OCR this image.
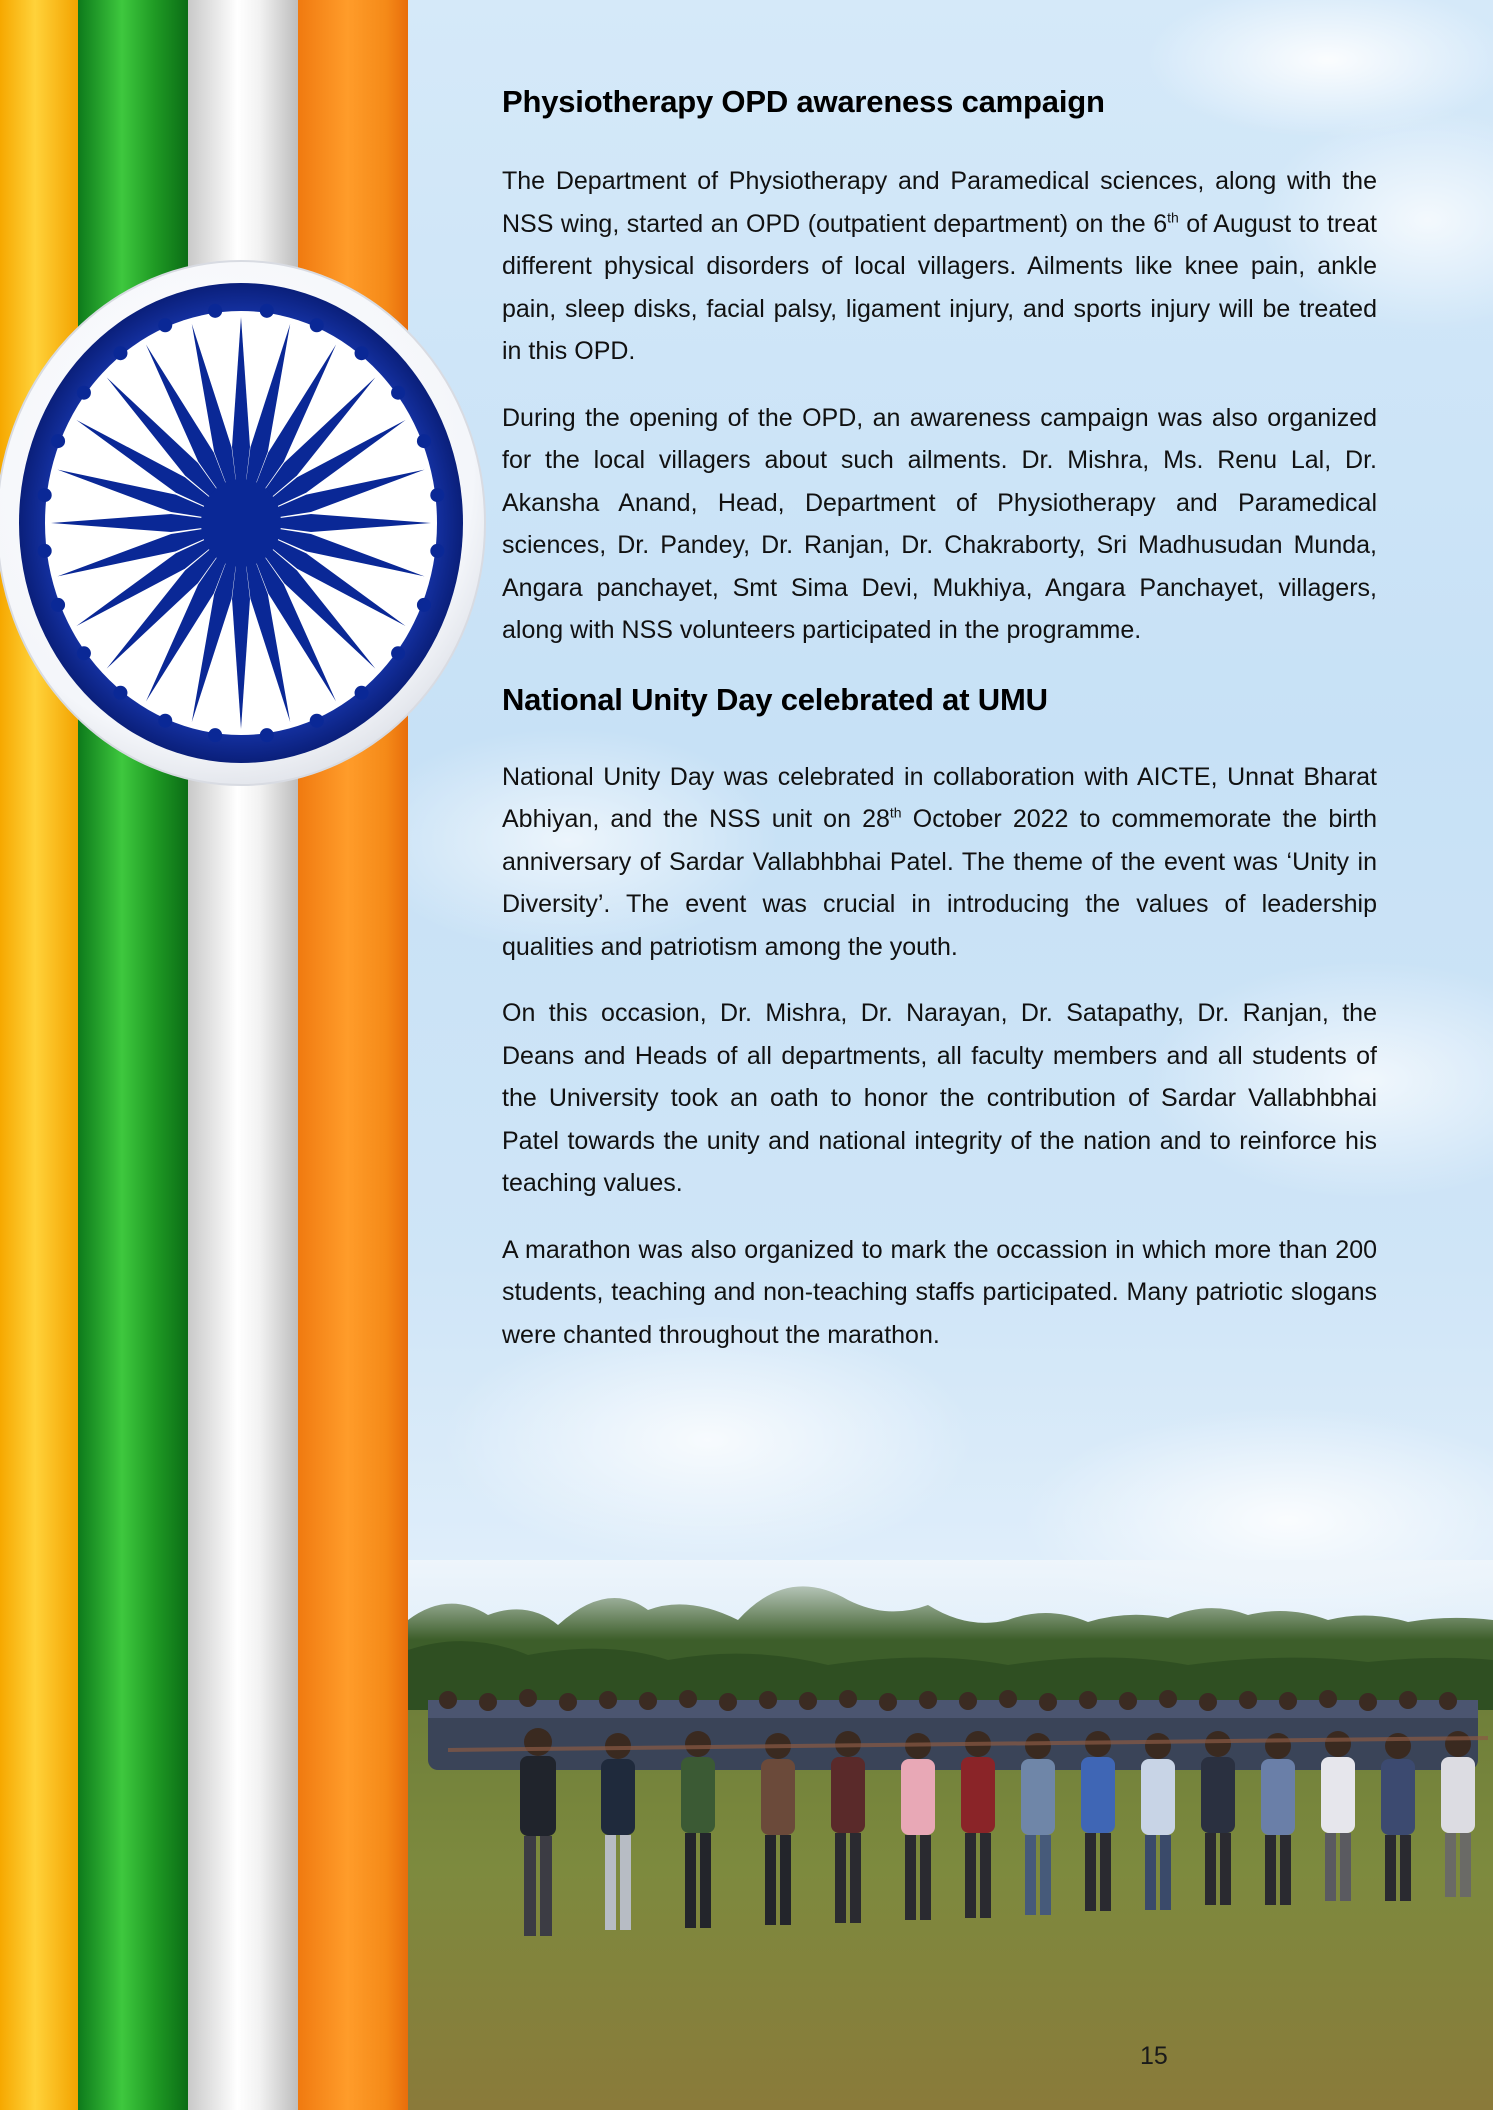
Physiotherapy OPD awareness campaign

The Department of Physiotherapy and Paramedical sciences, along with the NSS wing, started an OPD (outpatient department) on the 6th of August to treat different physical disorders of local villagers. Ailments like knee pain, ankle pain, sleep disks, facial palsy, ligament injury, and sports injury will be treated in this OPD.

During the opening of the OPD, an awareness campaign was also organized for the local villagers about such ailments. Dr. Mishra, Ms. Renu Lal, Dr. Akansha Anand, Head, Department of Physiotherapy and Paramedical sciences, Dr. Pandey, Dr. Ranjan, Dr. Chakraborty, Sri Madhusudan Munda, Angara panchayet, Smt Sima Devi, Mukhiya, Angara Panchayet, villagers, along with NSS volunteers participated in the programme.

National Unity Day celebrated at UMU

National Unity Day was celebrated in collaboration with AICTE, Unnat Bharat Abhiyan, and the NSS unit on 28th October 2022 to commemorate the birth anniversary of Sardar Vallabhbhai Patel. The theme of the event was ‘Unity in Diversity’. The event was crucial in introducing the values of leadership qualities and patriotism among the youth.

On this occasion, Dr. Mishra, Dr. Narayan, Dr. Satapathy, Dr. Ranjan, the Deans and Heads of all departments, all faculty members and all students of the University took an oath to honor the contribution of Sardar Vallabhbhai Patel towards the unity and national integrity of the nation and to reinforce his teaching values.

A marathon was also organized to mark the occassion in which more than 200 students, teaching and non-teaching staffs participated. Many patriotic slogans were chanted throughout the marathon.

15
